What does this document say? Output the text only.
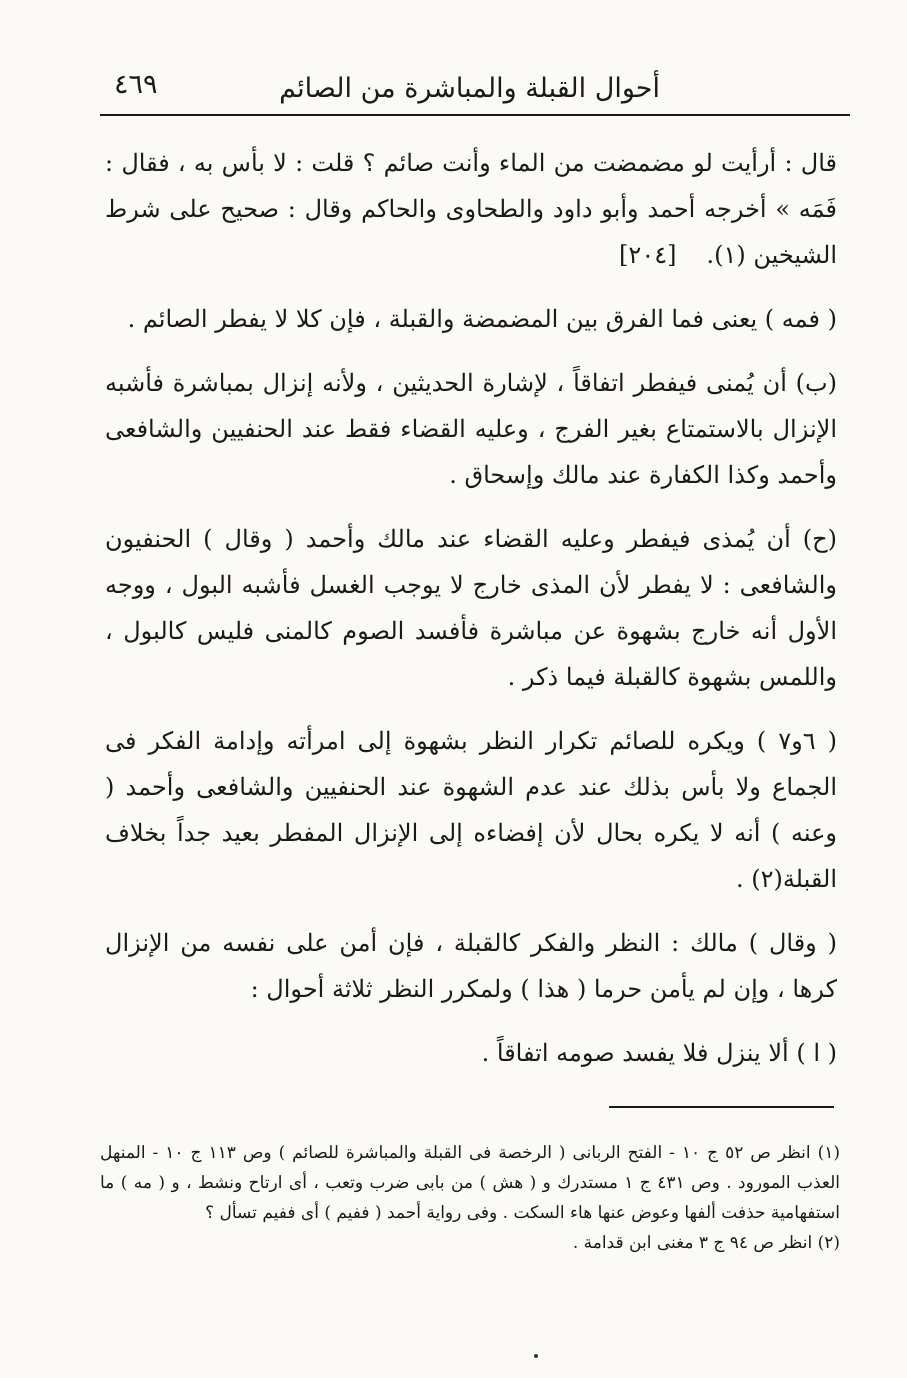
أحوال القبلة والمباشرة من الصائم
٤٦٩

قال : أرأيت لو مضمضت من الماء وأنت صائم ؟ قلت : لا بأس به ، فقال : فَمَه » أخرجه أحمد وأبو داود والطحاوى والحاكم وقال : صحيح على شرط الشيخين (١).[٢٠٤]

( فمه ) يعنى فما الفرق بين المضمضة والقبلة ، فإن كلا لا يفطر الصائم .

(ب) أن يُمنى فيفطر اتفاقاً ، لإشارة الحديثين ، ولأنه إنزال بمباشرة فأشبه الإنزال بالاستمتاع بغير الفرج ، وعليه القضاء فقط عند الحنفيين والشافعى وأحمد وكذا الكفارة عند مالك وإسحاق .

(ح) أن يُمذى فيفطر وعليه القضاء عند مالك وأحمد ( وقال ) الحنفيون والشافعى : لا يفطر لأن المذى خارج لا يوجب الغسل فأشبه البول ، ووجه الأول أنه خارج بشهوة عن مباشرة فأفسد الصوم كالمنى فليس كالبول ، واللمس بشهوة كالقبلة فيما ذكر .

( ٦و٧ ) ويكره للصائم تكرار النظر بشهوة إلى امرأته وإدامة الفكر فى الجماع ولا بأس بذلك عند عدم الشهوة عند الحنفيين والشافعى وأحمد ( وعنه ) أنه لا يكره بحال لأن إفضاءه إلى الإنزال المفطر بعيد جداً بخلاف القبلة(٢) .

( وقال ) مالك : النظر والفكر كالقبلة ، فإن أمن على نفسه من الإنزال كرها ، وإن لم يأمن حرما ( هذا ) ولمكرر النظر ثلاثة أحوال :

( ا ) ألا ينزل فلا يفسد صومه اتفاقاً .

(١) انظر ص ٥٢ ج ١٠ - الفتح الربانى ( الرخصة فى القبلة والمباشرة للصائم ) وص ١١٣ ج ١٠ - المنهل العذب المورود . وص ٤٣١ ج ١ مستدرك و ( هش ) من بابى ضرب وتعب ، أى ارتاح ونشط ، و ( مه ) ما استفهامية حذفت ألفها وعوض عنها هاء السكت . وفى رواية أحمد ( ففيم ) أى ففيم تسأل ؟

(٢) انظر ص ٩٤ ج ٣ مغنى ابن قدامة .
